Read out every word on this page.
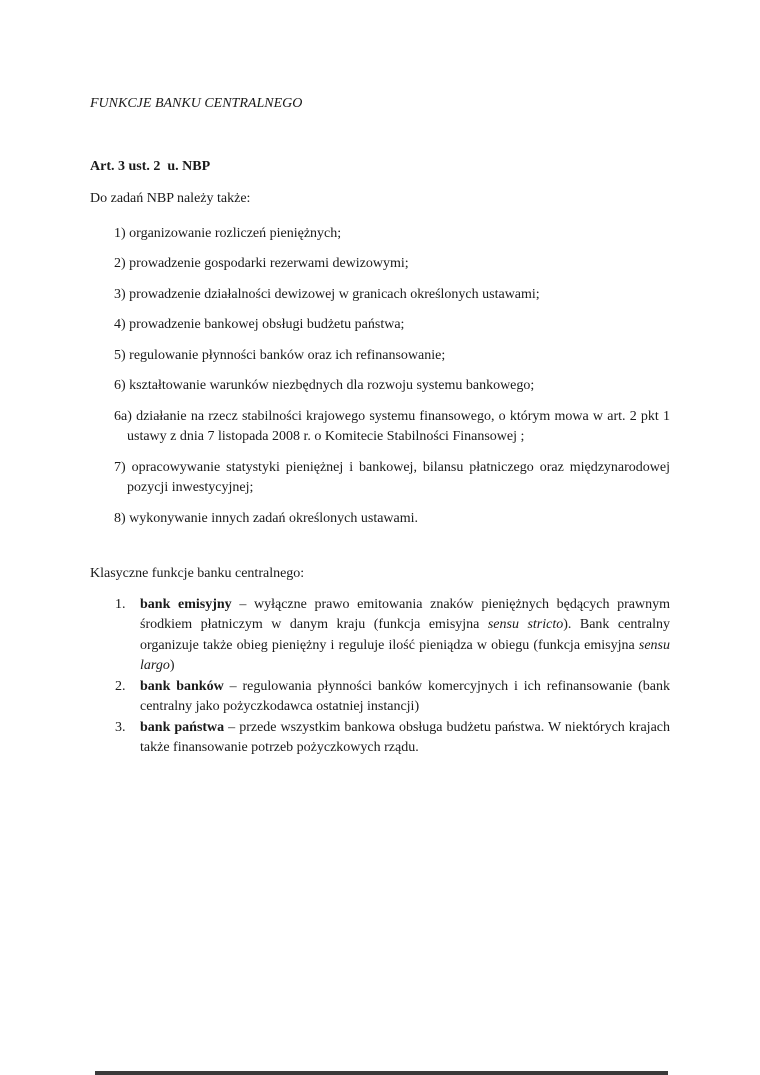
FUNKCJE BANKU CENTRALNEGO

Art. 3 ust. 2  u. NBP

Do zadań NBP należy także:

1) organizowanie rozliczeń pieniężnych;

2) prowadzenie gospodarki rezerwami dewizowymi;

3) prowadzenie działalności dewizowej w granicach określonych ustawami;

4) prowadzenie bankowej obsługi budżetu państwa;

5) regulowanie płynności banków oraz ich refinansowanie;

6) kształtowanie warunków niezbędnych dla rozwoju systemu bankowego;

6a) działanie na rzecz stabilności krajowego systemu finansowego, o którym mowa w art. 2 pkt 1 ustawy z dnia 7 listopada 2008 r. o Komitecie Stabilności Finansowej ;

7) opracowywanie statystyki pieniężnej i bankowej, bilansu płatniczego oraz międzynarodowej pozycji inwestycyjnej;

8) wykonywanie innych zadań określonych ustawami.

Klasyczne funkcje banku centralnego:

1. bank emisyjny – wyłączne prawo emitowania znaków pieniężnych będących prawnym środkiem płatniczym w danym kraju (funkcja emisyjna sensu stricto). Bank centralny organizuje także obieg pieniężny i reguluje ilość pieniądza w obiegu (funkcja emisyjna sensu largo)

2. bank banków – regulowania płynności banków komercyjnych i ich refinansowanie (bank centralny jako pożyczkodawca ostatniej instancji)

3. bank państwa – przede wszystkim bankowa obsługa budżetu państwa. W niektórych krajach także finansowanie potrzeb pożyczkowych rządu.
